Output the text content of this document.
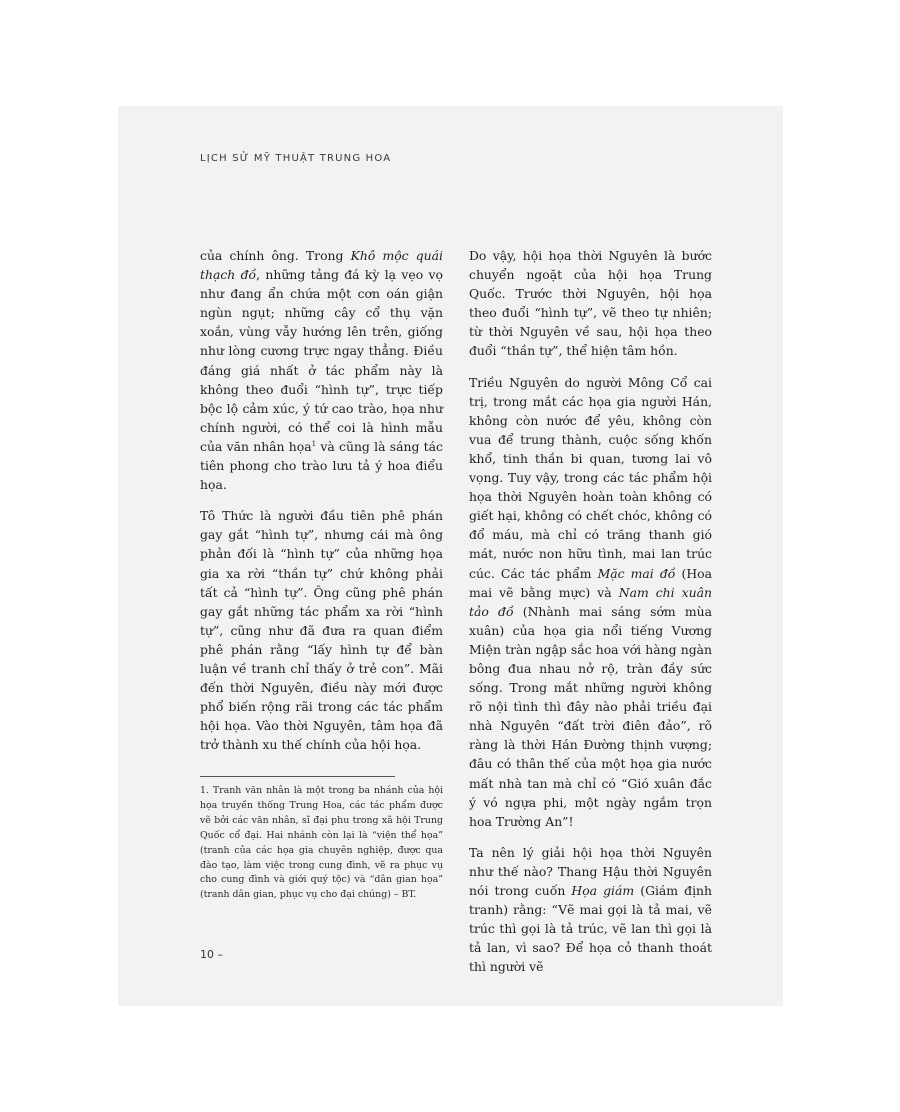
LỊCH SỬ MỸ THUẬT TRUNG HOA

của chính ông. Trong Khô mộc quái thạch đồ, những tảng đá kỳ lạ vẹo vọ như đang ẩn chứa một cơn oán giận ngùn ngụt; những cây cổ thụ vặn xoắn, vùng vẫy hướng lên trên, giống như lòng cương trực ngay thẳng. Điều đáng giá nhất ở tác phẩm này là không theo đuổi “hình tự”, trực tiếp bộc lộ cảm xúc, ý tứ cao trào, họa như chính người, có thể coi là hình mẫu của văn nhân họa$^1$ và cũng là sáng tác tiên phong cho trào lưu tả ý hoa điểu họa.

Tô Thức là người đầu tiên phê phán gay gắt “hình tự”, nhưng cái mà ông phản đối là “hình tự” của những họa gia xa rời “thần tự” chứ không phải tất cả “hình tự”. Ông cũng phê phán gay gắt những tác phẩm xa rời “hình tự”, cũng như đã đưa ra quan điểm phê phán rằng “lấy hình tự để bàn luận về tranh chỉ thấy ở trẻ con”. Mãi đến thời Nguyên, điều này mới được phổ biến rộng rãi trong các tác phẩm hội họa. Vào thời Nguyên, tâm họa đã trở thành xu thế chính của hội họa.

Do vậy, hội họa thời Nguyên là bước chuyển ngoặt của hội họa Trung Quốc. Trước thời Nguyên, hội họa theo đuổi “hình tự”, vẽ theo tự nhiên; từ thời Nguyên về sau, hội họa theo đuổi “thần tự”, thể hiện tâm hồn.

Triều Nguyên do người Mông Cổ cai trị, trong mắt các họa gia người Hán, không còn nước để yêu, không còn vua để trung thành, cuộc sống khốn khổ, tinh thần bi quan, tương lai vô vọng. Tuy vậy, trong các tác phẩm hội họa thời Nguyên hoàn toàn không có giết hại, không có chết chóc, không có đổ máu, mà chỉ có trăng thanh gió mát, nước non hữu tình, mai lan trúc cúc. Các tác phẩm Mặc mai đồ (Hoa mai vẽ bằng mực) và Nam chi xuân tảo đồ (Nhành mai sáng sớm mùa xuân) của họa gia nổi tiếng Vương Miện tràn ngập sắc hoa với hàng ngàn bông đua nhau nở rộ, tràn đầy sức sống. Trong mắt những người không rõ nội tình thì đây nào phải triều đại nhà Nguyên “đất trời điên đảo”, rõ ràng là thời Hán Đường thịnh vượng; đâu có thân thế của một họa gia nước mất nhà tan mà chỉ có “Gió xuân đắc ý vó ngựa phi, một ngày ngắm trọn hoa Trường An”!

Ta nên lý giải hội họa thời Nguyên như thế nào? Thang Hậu thời Nguyên nói trong cuốn Họa giám (Giám định tranh) rằng: “Vẽ mai gọi là tả mai, vẽ trúc thì gọi là tả trúc, vẽ lan thì gọi là tả lan, vì sao? Để họa cỏ thanh thoát thì người vẽ

1. Tranh văn nhân là một trong ba nhánh của hội họa truyền thống Trung Hoa, các tác phẩm được vẽ bởi các văn nhân, sĩ đại phu trong xã hội Trung Quốc cổ đại. Hai nhánh còn lại là “viện thể họa” (tranh của các họa gia chuyên nghiệp, được qua đào tạo, làm việc trong cung đình, vẽ ra phục vụ cho cung đình và giới quý tộc) và “dân gian họa” (tranh dân gian, phục vụ cho đại chúng) – BT.

10 –
